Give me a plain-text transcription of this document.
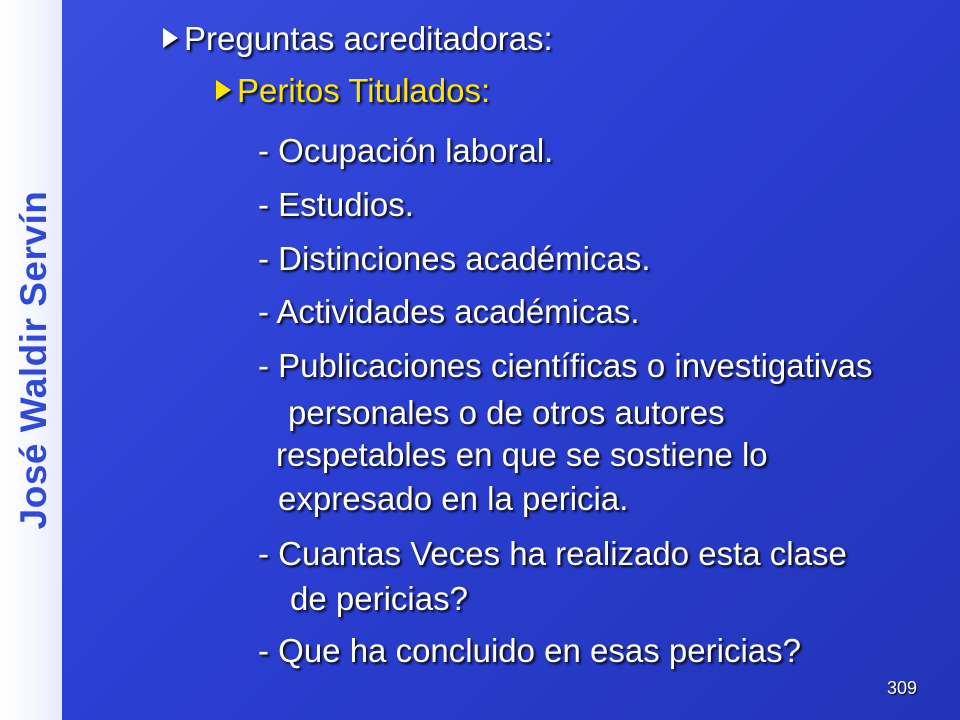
José Waldir Servín
Preguntas acreditadoras:
Peritos Titulados:
- Ocupación laboral.
- Estudios.
- Distinciones académicas.
- Actividades académicas.
- Publicaciones científicas o investigativas
personales o de otros autores
respetables en que se sostiene lo
expresado en la pericia.
- Cuantas Veces ha realizado esta clase
de pericias?
- Que ha concluido en esas pericias?
309
